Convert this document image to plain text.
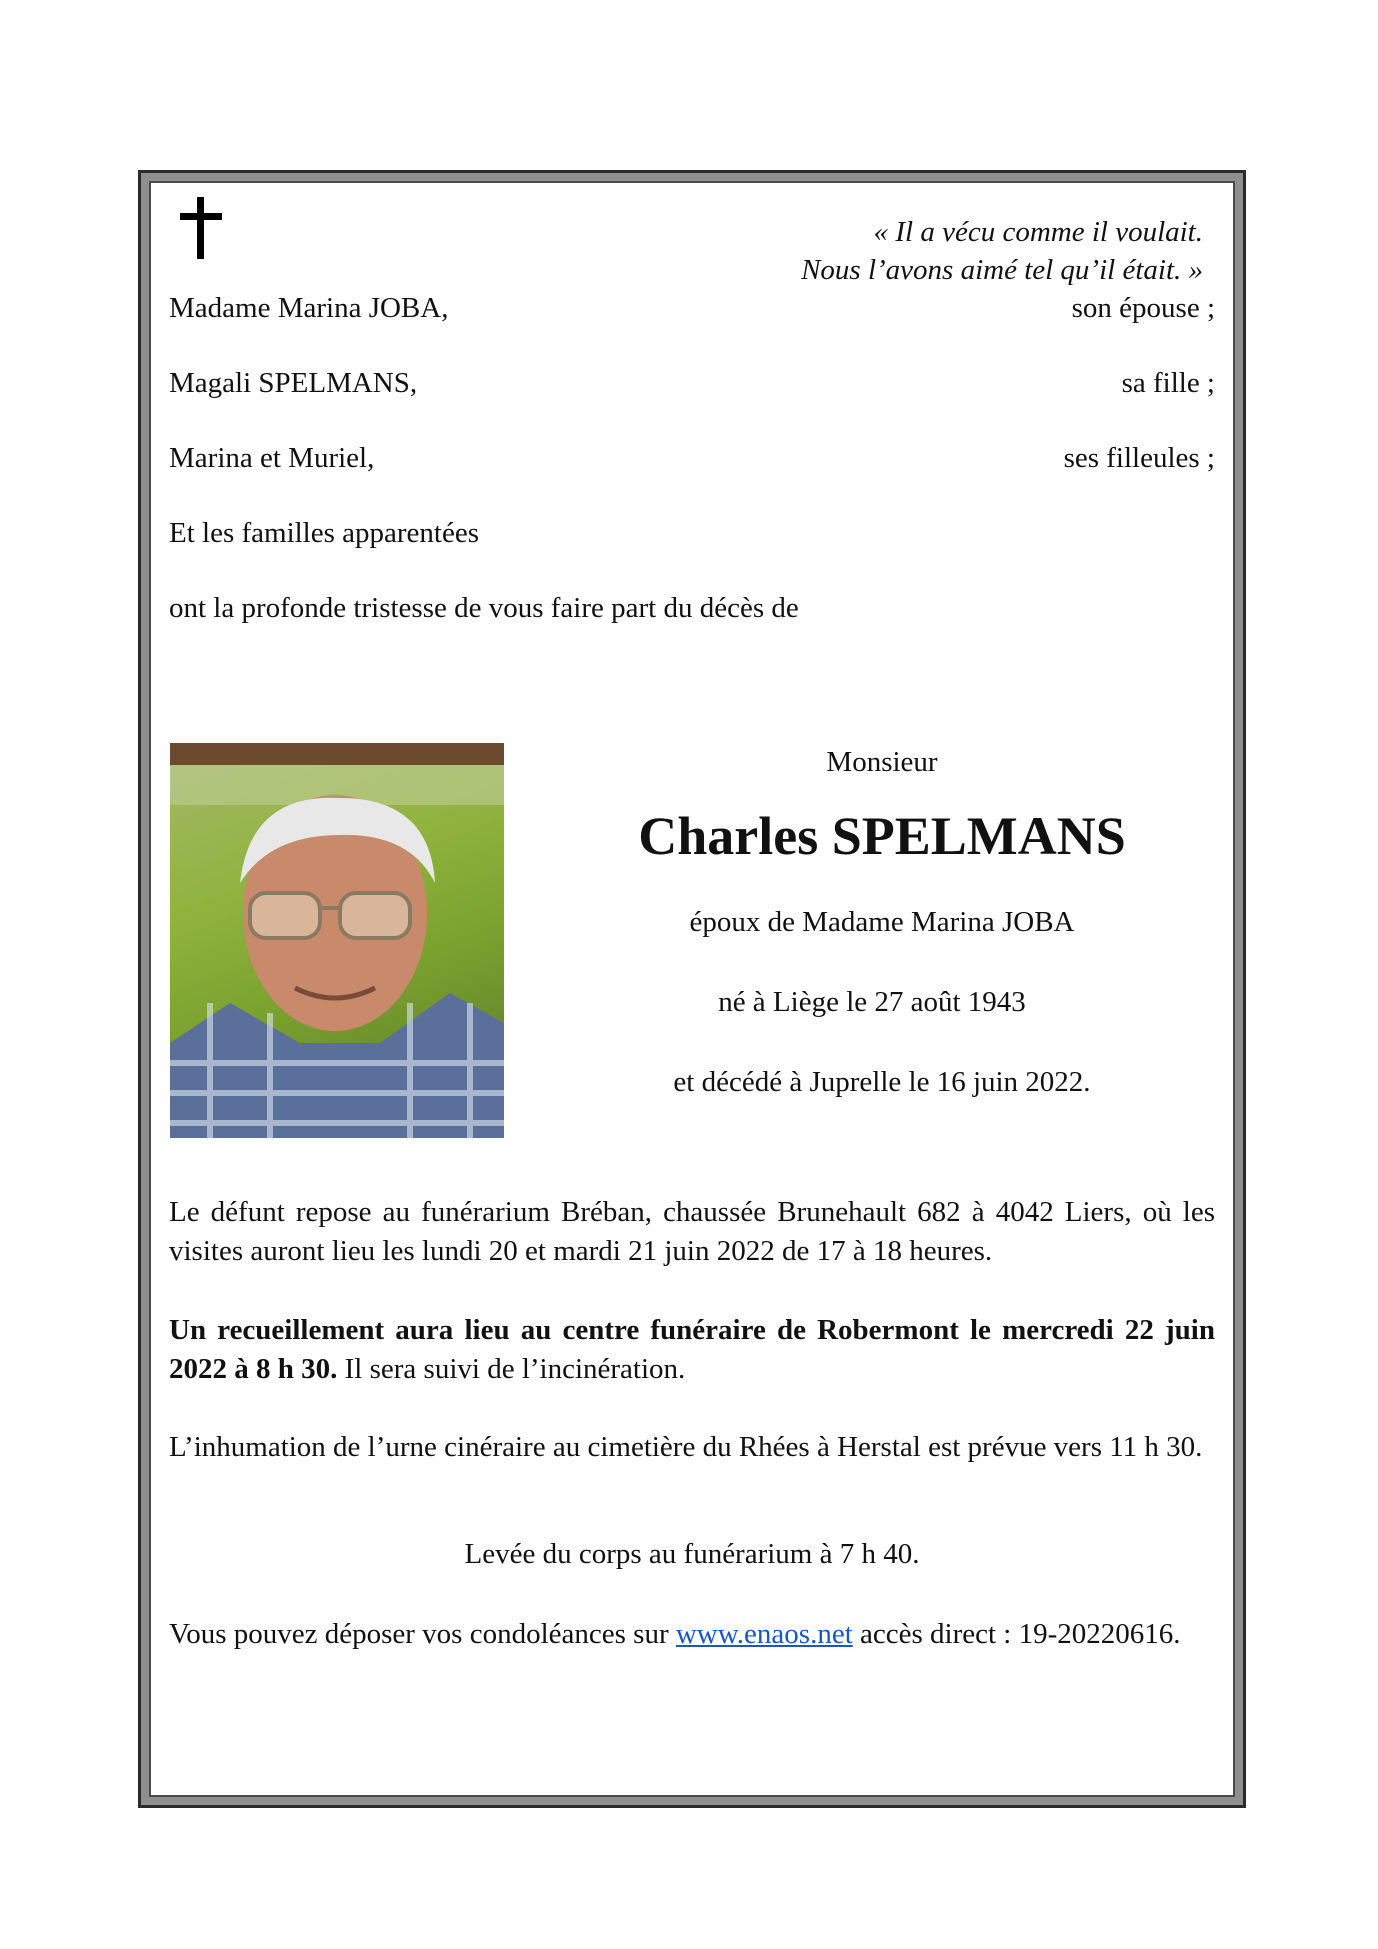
« Il a vécu comme il voulait.
Nous l’avons aimé tel qu’il était. »
Madame Marina JOBA,	son épouse ;
Magali SPELMANS,	sa fille ;
Marina et Muriel,	ses filleules ;
Et les familles apparentées
ont la profonde tristesse de vous faire part du décès de
Monsieur
Charles SPELMANS
époux de Madame Marina JOBA
né à Liège le 27 août 1943
et décédé à Juprelle le 16 juin 2022.
Le défunt repose au funérarium Bréban, chaussée Brunehault 682 à 4042 Liers, où les visites auront lieu les lundi 20 et mardi 21 juin 2022 de 17 à 18 heures.
Un recueillement aura lieu au centre funéraire de Robermont le mercredi 22 juin 2022 à 8 h 30. Il sera suivi de l’incinération.
L’inhumation de l’urne cinéraire au cimetière du Rhées à Herstal est prévue vers 11 h 30.
Levée du corps au funérarium à 7 h 40.
Vous pouvez déposer vos condoléances sur www.enaos.net accès direct : 19-20220616.
